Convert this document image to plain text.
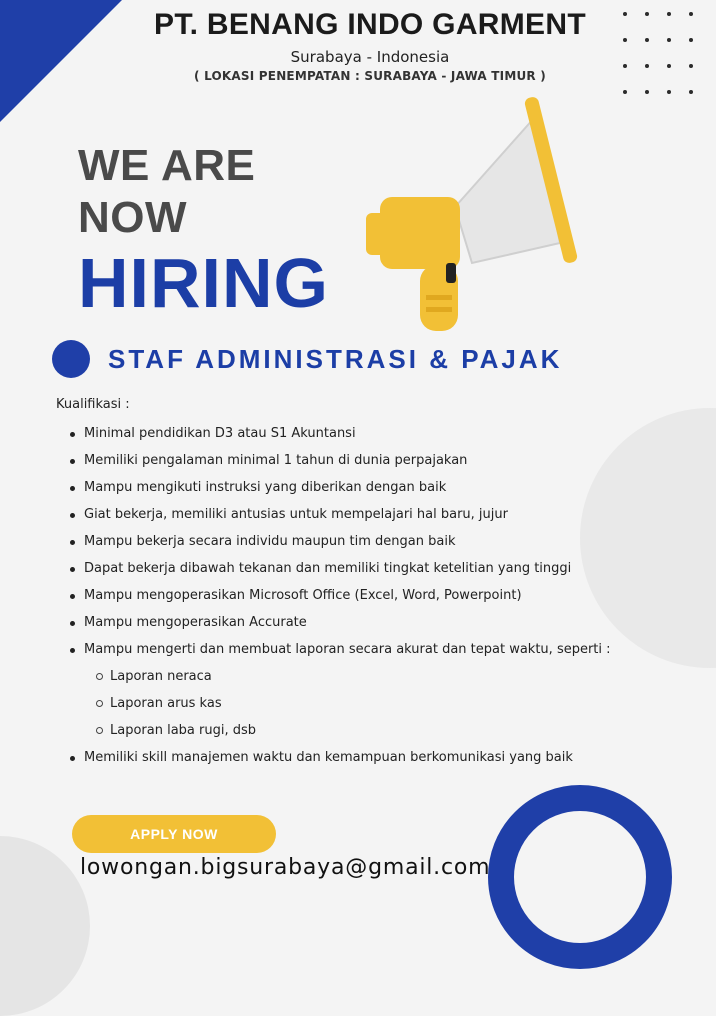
PT. BENANG INDO GARMENT
Surabaya - Indonesia
( LOKASI PENEMPATAN : SURABAYA - JAWA TIMUR )
WE ARE
NOW
HIRING
STAF ADMINISTRASI & PAJAK
Kualifikasi :
Minimal pendidikan D3 atau S1 Akuntansi
Memiliki pengalaman minimal 1 tahun di dunia perpajakan
Mampu mengikuti instruksi yang diberikan dengan baik
Giat bekerja, memiliki antusias untuk mempelajari hal baru, jujur
Mampu bekerja secara individu maupun tim dengan baik
Dapat bekerja dibawah tekanan dan memiliki tingkat ketelitian yang tinggi
Mampu mengoperasikan Microsoft Office (Excel, Word, Powerpoint)
Mampu mengoperasikan Accurate
Mampu mengerti dan membuat laporan secara akurat dan tepat waktu, seperti :
Laporan neraca
Laporan arus kas
Laporan laba rugi, dsb
Memiliki skill manajemen waktu dan kemampuan berkomunikasi yang baik
APPLY NOW
lowongan.bigsurabaya@gmail.com
